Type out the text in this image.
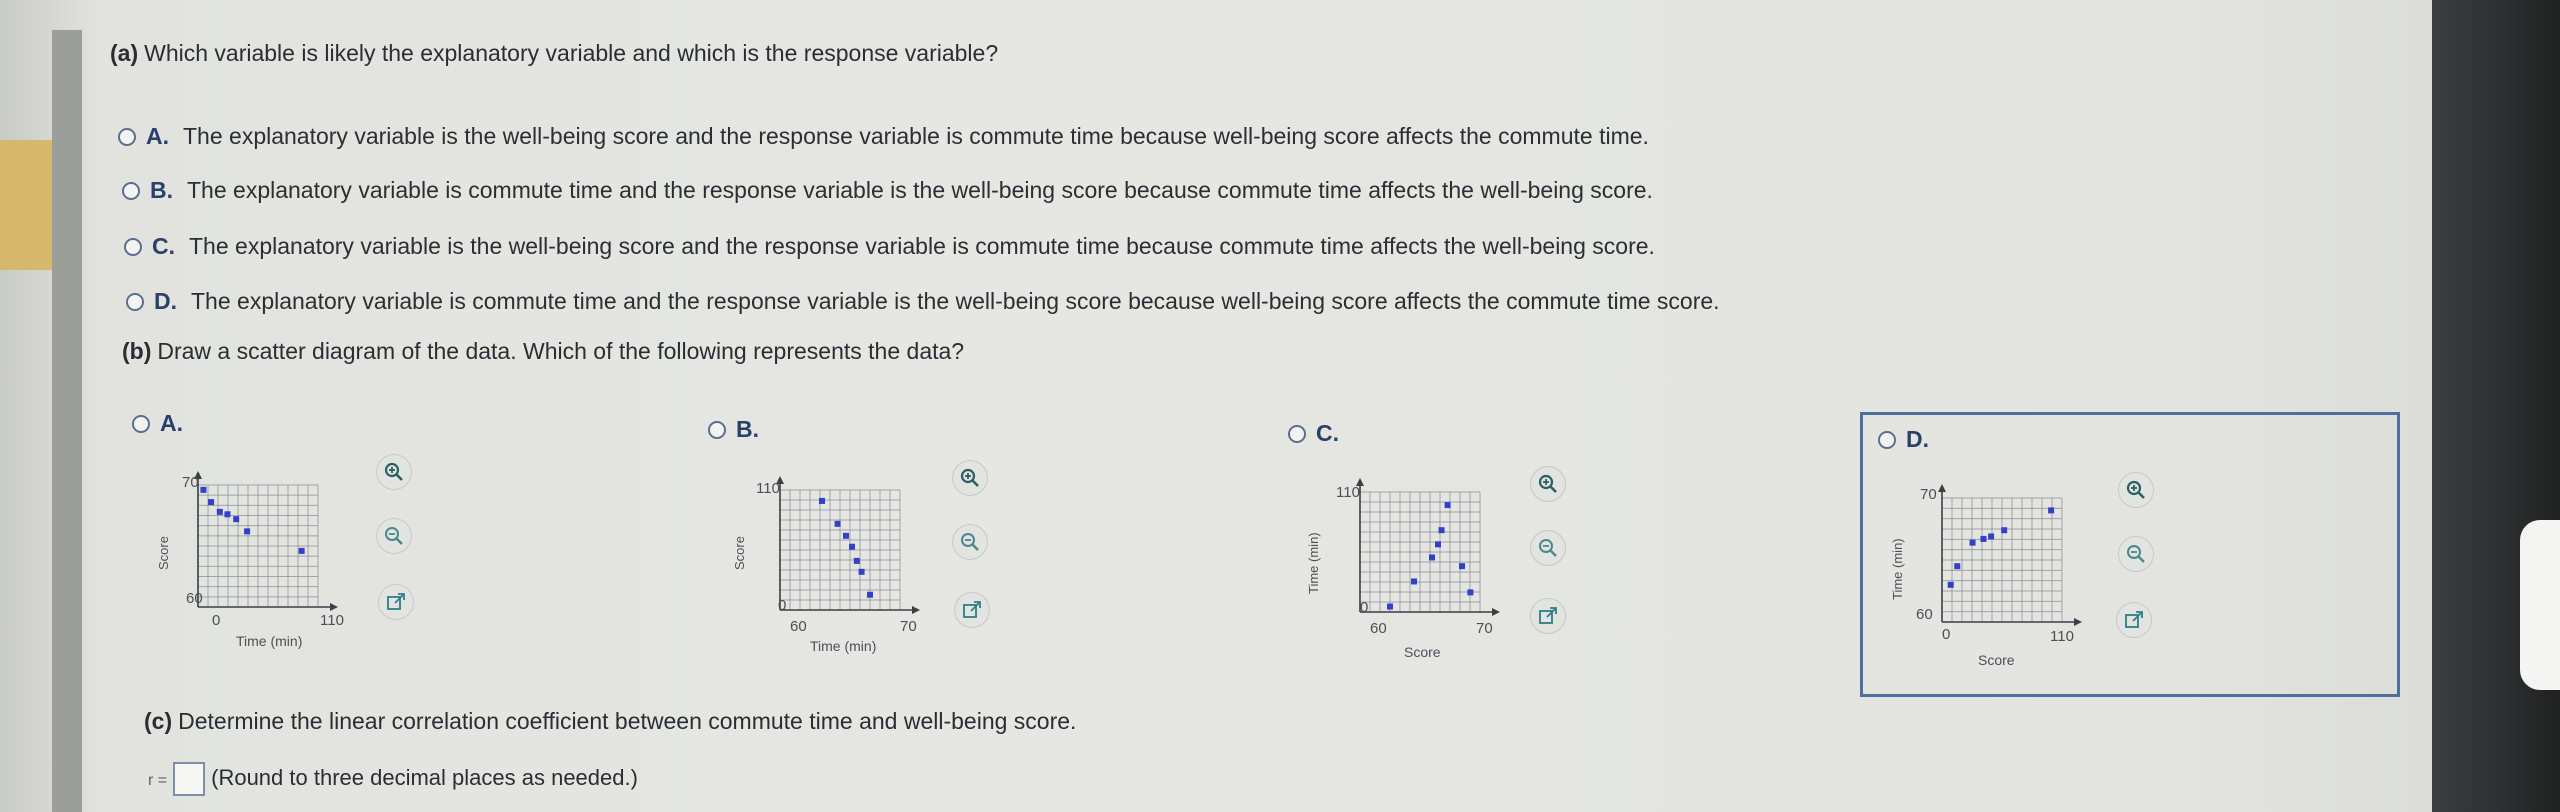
(a) Which variable is likely the explanatory variable and which is the response variable?
A. The explanatory variable is the well-being score and the response variable is commute time because well-being score affects the commute time.
B. The explanatory variable is commute time and the response variable is the well-being score because commute time affects the well-being score.
C. The explanatory variable is the well-being score and the response variable is commute time because commute time affects the well-being score.
D. The explanatory variable is commute time and the response variable is the well-being score because well-being score affects the commute time score.
(b) Draw a scatter diagram of the data. Which of the following represents the data?
A.
70
60
0	110
Time (min)
Score
B.
110
0
60	70
Time (min)
Score
C.
110
0
60	70
Score
Time (min)
D.
70
60
0	110
Score
Time (min)
(c) Determine the linear correlation coefficient between commute time and well-being score.
r = (Round to three decimal places as needed.)
